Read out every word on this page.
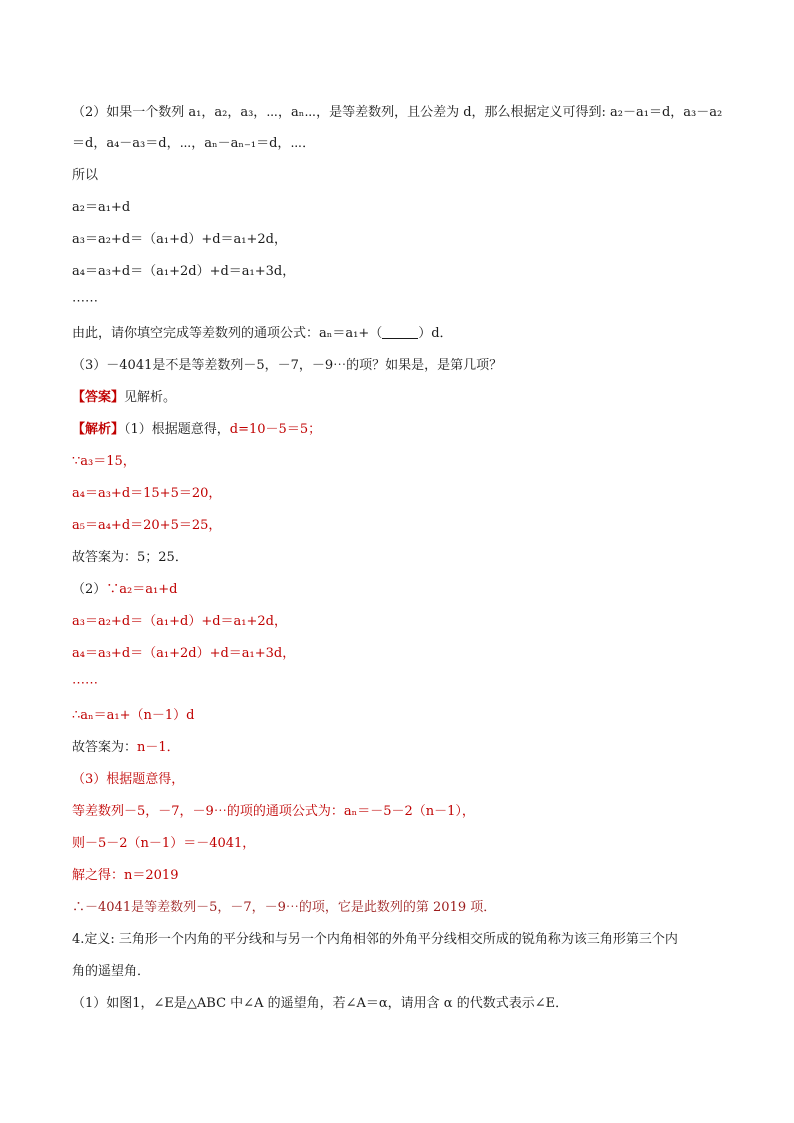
（2）如果一个数列 a₁，a₂，a₃，⋯，aₙ⋯，是等差数列，且公差为 d，那么根据定义可得到: a₂－a₁＝d，a₃－a₂
＝d，a₄－a₃＝d，⋯，aₙ－aₙ₋₁＝d，⋯．
所以
a₂＝a₁+d
a₃＝a₂+d＝（a₁+d）+d＝a₁+2d，
a₄＝a₃+d＝（a₁+2d）+d＝a₁+3d，
⋯⋯
由此，请你填空完成等差数列的通项公式：aₙ＝a₁+（	）d．
（3）－4041是不是等差数列－5，－7，－9⋯的项？如果是，是第几项？
【答案】见解析。
【解析】（1）根据题意得，d=10－5＝5；
∵a₃＝15，
a₄＝a₃+d＝15+5＝20，
a₅＝a₄+d＝20+5＝25，
故答案为：5；25．
（2）∵a₂＝a₁+d
a₃＝a₂+d＝（a₁+d）+d＝a₁+2d，
a₄＝a₃+d＝（a₁+2d）+d＝a₁+3d，
⋯⋯
∴aₙ＝a₁+（n－1）d
故答案为：n－1．
（3）根据题意得，
等差数列－5，－7，－9⋯的项的通项公式为：aₙ＝－5－2（n－1），
则－5－2（n－1）＝－4041，
解之得：n＝2019
∴－4041是等差数列－5，－7，－9⋯的项，它是此数列的第 2019 项．
4.定义: 三角形一个内角的平分线和与另一个内角相邻的外角平分线相交所成的锐角称为该三角形第三个内
角的遥望角．
（1）如图1，∠E是△ABC 中∠A 的遥望角，若∠A＝α，请用含 α 的代数式表示∠E．
